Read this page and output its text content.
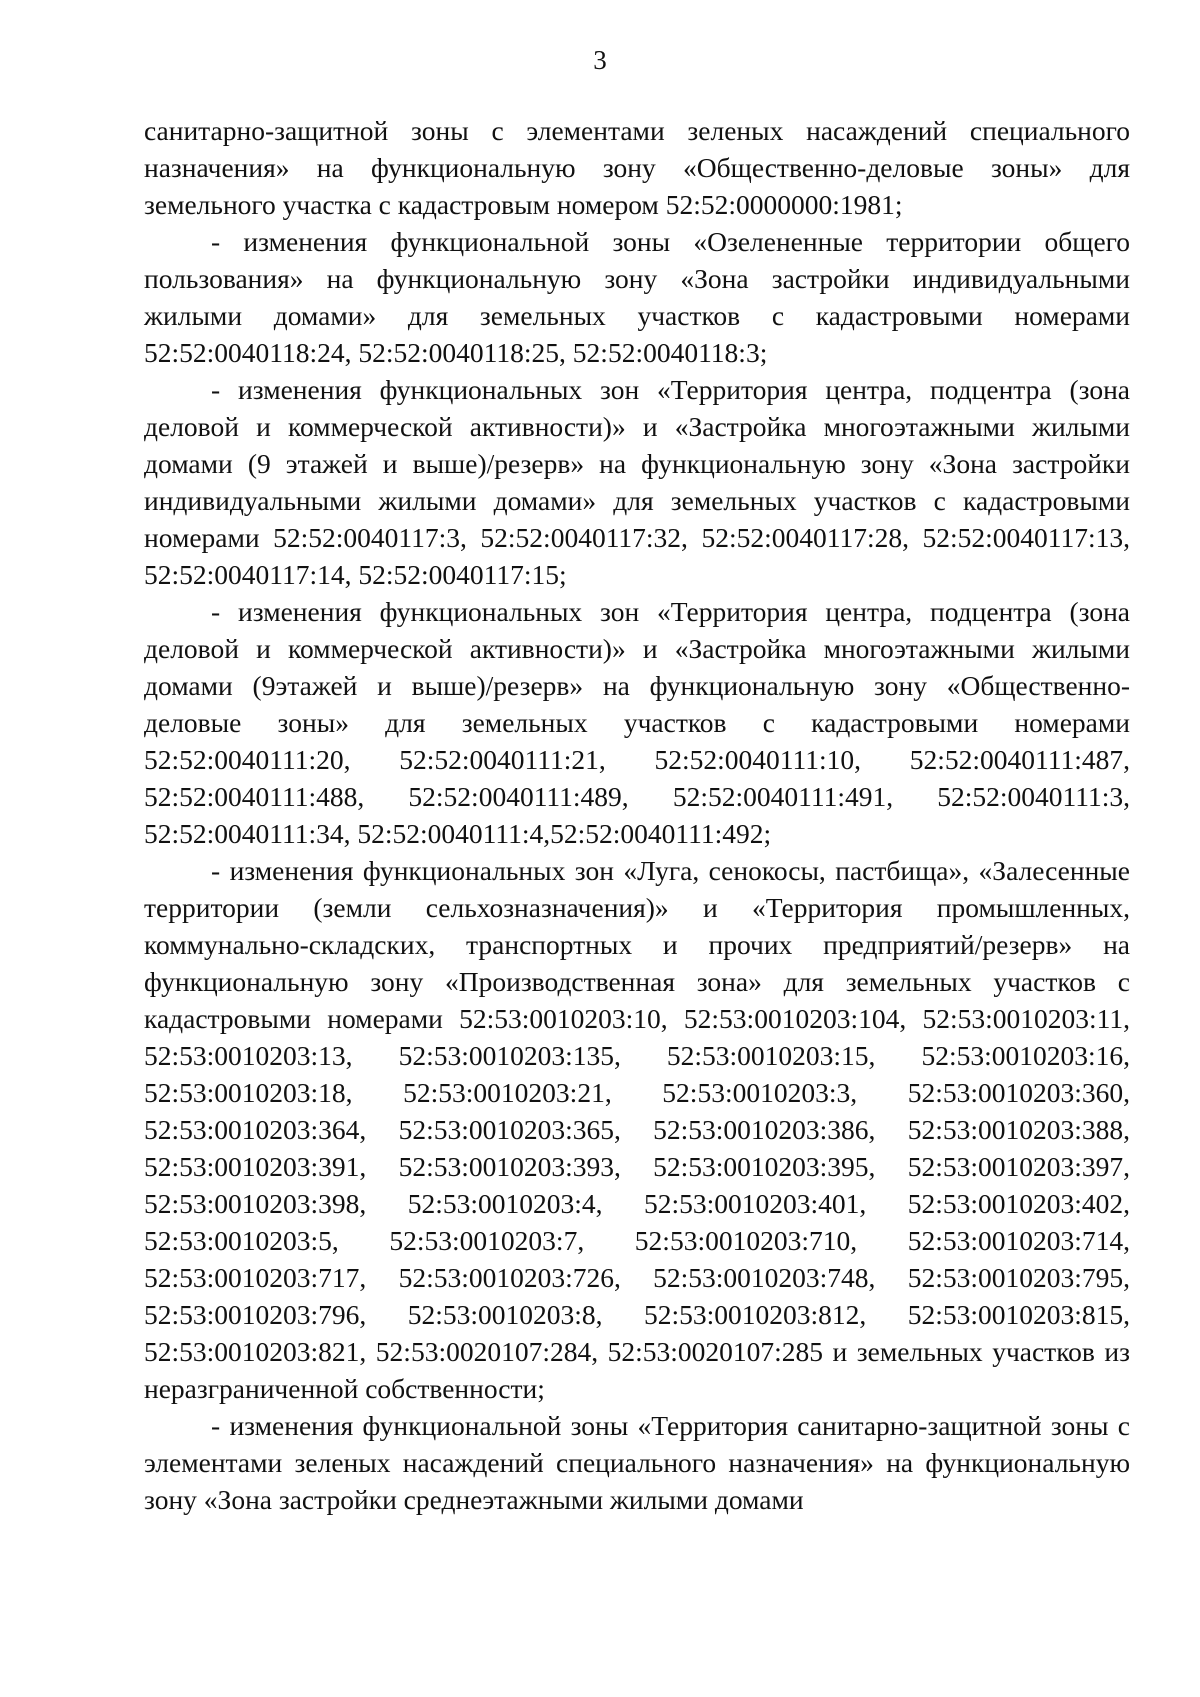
3

санитарно-защитной зоны с элементами зеленых насаждений специального назначения» на функциональную зону «Общественно-деловые зоны» для земельного участка с кадастровым номером 52:52:0000000:1981;

- изменения функциональной зоны «Озелененные территории общего пользования» на функциональную зону «Зона застройки индивидуальными жилыми домами» для земельных участков с кадастровыми номерами 52:52:0040118:24, 52:52:0040118:25, 52:52:0040118:3;

- изменения функциональных зон «Территория центра, подцентра (зона деловой и коммерческой активности)» и «Застройка многоэтажными жилыми домами (9 этажей и выше)/резерв» на функциональную зону «Зона застройки индивидуальными жилыми домами» для земельных участков с кадастровыми номерами 52:52:0040117:3, 52:52:0040117:32, 52:52:0040117:28, 52:52:0040117:13, 52:52:0040117:14, 52:52:0040117:15;

- изменения функциональных зон «Территория центра, подцентра (зона деловой и коммерческой активности)» и «Застройка многоэтажными жилыми домами (9этажей и выше)/резерв» на функциональную зону «Общественно-деловые зоны» для земельных участков с кадастровыми номерами 52:52:0040111:20, 52:52:0040111:21, 52:52:0040111:10, 52:52:0040111:487, 52:52:0040111:488, 52:52:0040111:489, 52:52:0040111:491, 52:52:0040111:3, 52:52:0040111:34, 52:52:0040111:4,52:52:0040111:492;

- изменения функциональных зон «Луга, сенокосы, пастбища», «Залесенные территории (земли сельхозназначения)» и «Территория промышленных, коммунально-складских, транспортных и прочих предприятий/резерв» на функциональную зону «Производственная зона» для земельных участков с кадастровыми номерами 52:53:0010203:10, 52:53:0010203:104, 52:53:0010203:11, 52:53:0010203:13, 52:53:0010203:135, 52:53:0010203:15, 52:53:0010203:16, 52:53:0010203:18, 52:53:0010203:21, 52:53:0010203:3, 52:53:0010203:360, 52:53:0010203:364, 52:53:0010203:365, 52:53:0010203:386, 52:53:0010203:388, 52:53:0010203:391, 52:53:0010203:393, 52:53:0010203:395, 52:53:0010203:397, 52:53:0010203:398, 52:53:0010203:4, 52:53:0010203:401, 52:53:0010203:402, 52:53:0010203:5, 52:53:0010203:7, 52:53:0010203:710, 52:53:0010203:714, 52:53:0010203:717, 52:53:0010203:726, 52:53:0010203:748, 52:53:0010203:795, 52:53:0010203:796, 52:53:0010203:8, 52:53:0010203:812, 52:53:0010203:815, 52:53:0010203:821, 52:53:0020107:284, 52:53:0020107:285 и земельных участков из неразграниченной собственности;

- изменения функциональной зоны «Территория санитарно-защитной зоны с элементами зеленых насаждений специального назначения» на функциональную зону «Зона застройки среднеэтажными жилыми домами
